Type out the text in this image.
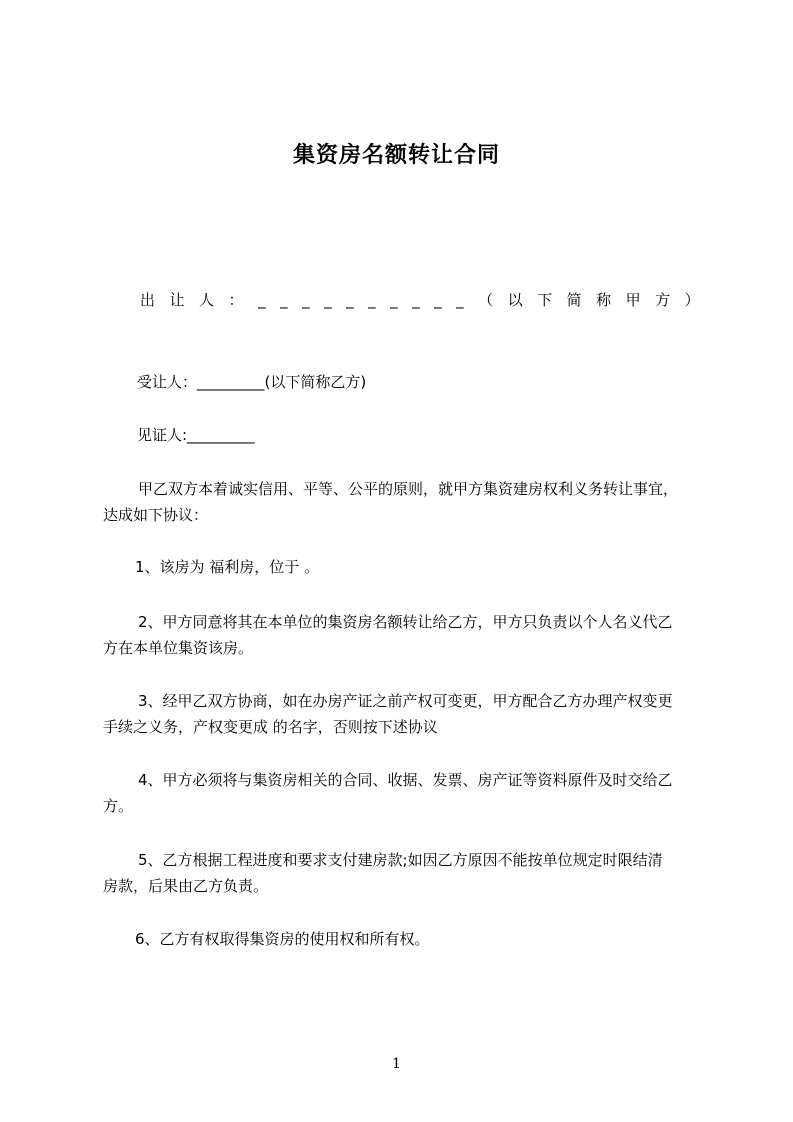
集资房名额转让合同
出 让 人 ： _ _ _ _ _ _ _ _ _ _ （ 以 下 简 称 甲 方 ）
受让人：_________(以下简称乙方)
见证人:_________
甲乙双方本着诚实信用、平等、公平的原则，就甲方集资建房权利义务转让事宜，
达成如下协议：
1、该房为 福利房，位于 。
2、甲方同意将其在本单位的集资房名额转让给乙方，甲方只负责以个人名义代乙
方在本单位集资该房。
3、经甲乙双方协商，如在办房产证之前产权可变更，甲方配合乙方办理产权变更
手续之义务，产权变更成 的名字，否则按下述协议
4、甲方必须将与集资房相关的合同、收据、发票、房产证等资料原件及时交给乙
方。
5、乙方根据工程进度和要求支付建房款;如因乙方原因不能按单位规定时限结清
房款，后果由乙方负责。
6、乙方有权取得集资房的使用权和所有权。
1
